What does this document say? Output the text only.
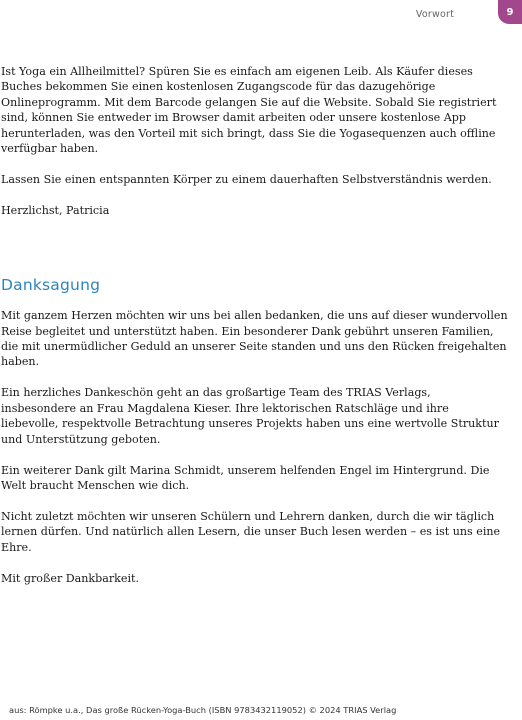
Vorwort	9

Ist Yoga ein Allheilmittel? Spüren Sie es einfach am eigenen Leib. Als Käufer dieses Buches bekommen Sie einen kostenlosen Zugangscode für das dazugehörige Onlineprogramm. Mit dem Barcode gelangen Sie auf die Website. Sobald Sie registriert sind, können Sie entweder im Browser damit arbeiten oder unsere kostenlose App herunterladen, was den Vorteil mit sich bringt, dass Sie die Yogasequenzen auch offline verfügbar haben.

Lassen Sie einen entspannten Körper zu einem dauerhaften Selbstverständnis werden.

Herzlichst, Patricia

Danksagung

Mit ganzem Herzen möchten wir uns bei allen bedanken, die uns auf dieser wundervollen Reise begleitet und unterstützt haben. Ein besonderer Dank gebührt unseren Familien, die mit unermüdlicher Geduld an unserer Seite standen und uns den Rücken freigehalten haben.

Ein herzliches Dankeschön geht an das großartige Team des TRIAS Verlags, insbesondere an Frau Magdalena Kieser. Ihre lektorischen Ratschläge und ihre liebevolle, respektvolle Betrachtung unseres Projekts haben uns eine wertvolle Struktur und Unterstützung geboten.

Ein weiterer Dank gilt Marina Schmidt, unserem helfenden Engel im Hintergrund. Die Welt braucht Menschen wie dich.

Nicht zuletzt möchten wir unseren Schülern und Lehrern danken, durch die wir täglich lernen dürfen. Und natürlich allen Lesern, die unser Buch lesen werden – es ist uns eine Ehre.

Mit großer Dankbarkeit.

aus: Römpke u.a., Das große Rücken-Yoga-Buch (ISBN 9783432119052) © 2024 TRIAS Verlag
